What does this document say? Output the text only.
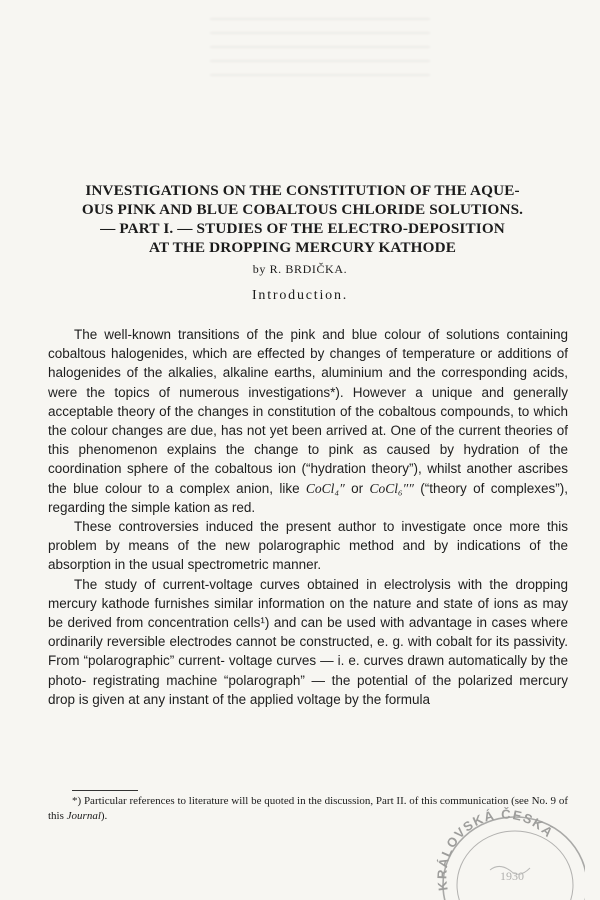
INVESTIGATIONS ON THE CONSTITUTION OF THE AQUE-
OUS PINK AND BLUE COBALTOUS CHLORIDE SOLUTIONS.
— PART I. — STUDIES OF THE ELECTRO-DEPOSITION
AT THE DROPPING MERCURY KATHODE
by R. BRDIČKA.
Introduction.

The well-known transitions of the pink and blue colour of solutions containing cobaltous halogenides, which are effected by changes of temperature or additions of halogenides of the alkalies, alkaline earths, aluminium and the corresponding acids, were the topics of numerous investigations*). However a unique and generally acceptable theory of the changes in constitution of the cobaltous compounds, to which the colour changes are due, has not yet been arrived at. One of the current theories of this phenomenon explains the change to pink as caused by hydration of the coordination sphere of the cobaltous ion (“hydration theory”), whilst another ascribes the blue colour to a complex anion, like CoCl₄″ or CoCl₆″″ (“theory of complexes”), regarding the simple kation as red.

These controversies induced the present author to investigate once more this problem by means of the new polarographic method and by indications of the absorption in the usual spectrometric manner.

The study of current-voltage curves obtained in electrolysis with the dropping mercury kathode furnishes similar information on the nature and state of ions as may be derived from concentration cells¹) and can be used with advantage in cases where ordinarily reversible electrodes cannot be constructed, e. g. with cobalt for its passivity. From “polarographic” current- voltage curves — i. e. curves drawn automatically by the photo- registrating machine “polarograph” — the potential of the polarized mercury drop is given at any instant of the applied voltage by the formula

*) Particular references to literature will be quoted in the discussion, Part II. of this communication (see No. 9 of this Journal).

KRÁLOVSKÁ ČESKÁ
1930
